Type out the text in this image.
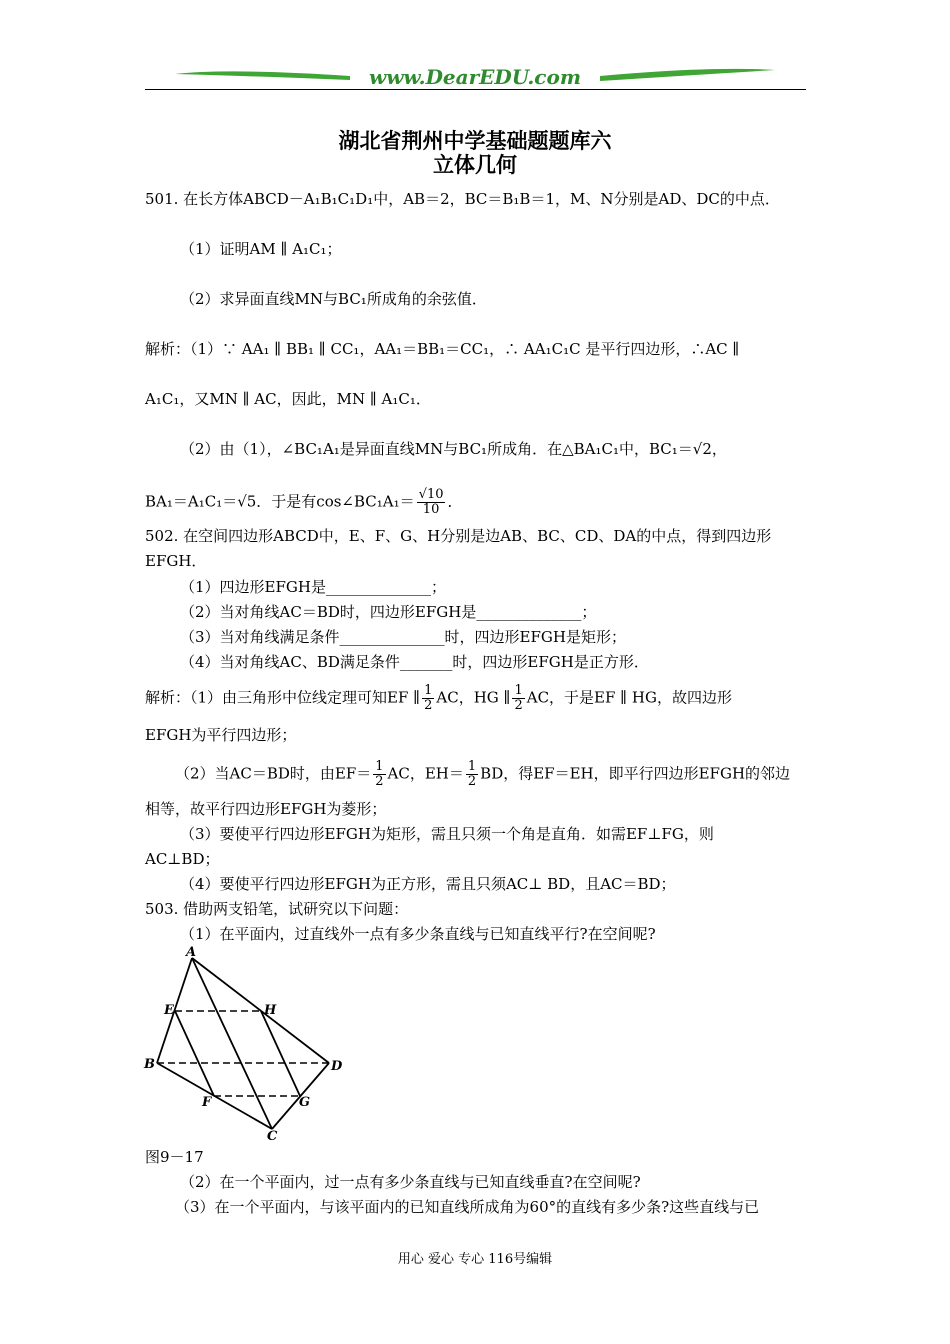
www.DearEDU.com
湖北省荆州中学基础题题库六
立体几何
501. 在长方体ABCD－A₁B₁C₁D₁中，AB＝2，BC＝B₁B＝1，M、N分别是AD、DC的中点．
（1）证明AM ∥ A₁C₁；
（2）求异面直线MN与BC₁所成角的余弦值．
解析：（1）∵ AA₁ ∥ BB₁ ∥ CC₁，AA₁＝BB₁＝CC₁，∴ AA₁C₁C 是平行四边形，∴AC ∥
A₁C₁，又MN ∥ AC，因此，MN ∥ A₁C₁．
（2）由（1），∠BC₁A₁是异面直线MN与BC₁所成角．在△BA₁C₁中，BC₁＝√2，
BA₁＝A₁C₁＝√5．于是有cos∠BC₁A₁＝ $\frac{√10}{10}$ ．
502. 在空间四边形ABCD中，E、F、G、H分别是边AB、BC、CD、DA的中点，得到四边形
EFGH．
（1）四边形EFGH是______________；
（2）当对角线AC＝BD时，四边形EFGH是______________；
（3）当对角线满足条件______________时，四边形EFGH是矩形；
（4）当对角线AC、BD满足条件_______时，四边形EFGH是正方形．
解析：（1）由三角形中位线定理可知EF ∥ $\frac{1}{2}$ AC，HG ∥ $\frac{1}{2}$ AC，于是EF ∥ HG，故四边形
EFGH为平行四边形；
（2）当AC＝BD时，由$EF= \frac{1}{2}$ AC，$EH= \frac{1}{2}$ BD，得EF＝EH，即平行四边形EFGH的邻边
相等，故平行四边形EFGH为菱形；
（3）要使平行四边形EFGH为矩形，需且只须一个角是直角．如需EF⊥FG，则
AC⊥BD；
（4）要使平行四边形EFGH为正方形，需且只须AC⊥ BD，且AC＝BD；
503. 借助两支铅笔，试研究以下问题：
（1）在平面内，过直线外一点有多少条直线与已知直线平行?在空间呢?
A
E	H
B	D
F	G
C
图9－17
（2）在一个平面内，过一点有多少条直线与已知直线垂直?在空间呢?
（3）在一个平面内，与该平面内的已知直线所成角为60°的直线有多少条?这些直线与已
用心 爱心 专心 116号编辑
